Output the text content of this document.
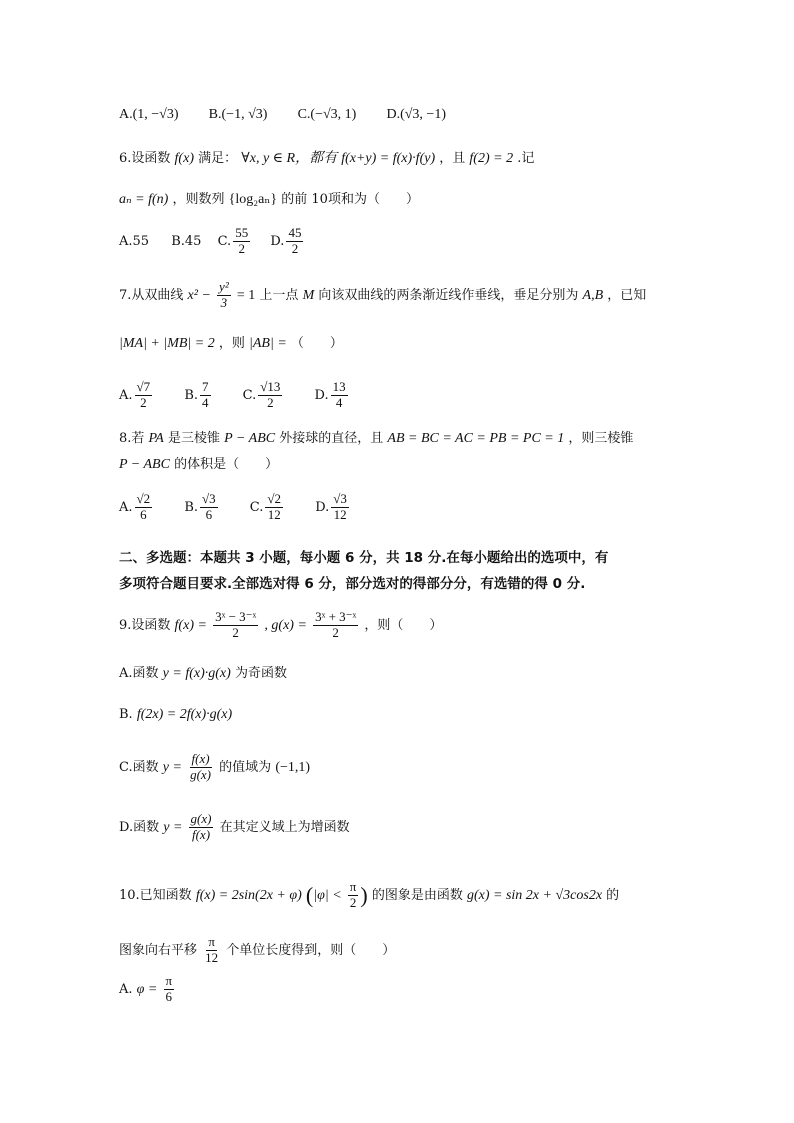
A. (1, −√3)
B. (−1, √3)
C. (−√3, 1)
D. (√3, −1)
6.设函数 f(x) 满足： ∀x, y ∈ R，都有 f(x+y) = f(x)·f(y) ，且 f(2) = 2 .记
aₙ = f(n) ，则数列 {log₂aₙ} 的前 10项和为（　　）
A.55 B.45 C. $\frac{55}{2}$
D. $\frac{45}{2}$
7.从双曲线 $x^2 - \frac{\text{y²}}{3} = 1$ 上一点 M 向该双曲线的两条渐近线作垂线，垂足分别为 A,B ，已知
|MA| + |MB| = 2 ，则 |AB| = （　　）
A. $\frac{√7}{2}$
B. $\frac{7}{4}$
C. $\frac{√13}{2}$
D. $\frac{13}{4}$
8.若 PA 是三棱锥 P − ABC 外接球的直径，且 AB = BC = AC = PB = PC = 1 ，则三棱锥
P − ABC 的体积是（　　）
A. $\frac{√2}{6}$
B. $\frac{√3}{6}$
C. $\frac{√2}{12}$
D. $\frac{√3}{12}$
二、多选题：本题共 3 小题，每小题 6 分，共 18 分.在每小题给出的选项中，有
多项符合题目要求.全部选对得 6 分，部分选对的得部分分，有选错的得 0 分.
9.设函数 $f(x) = \frac{\text{3ˣ − 3⁻ˣ}}{2}$ , $g(x) = \frac{\text{3ˣ + 3⁻ˣ}}{2}$ ，则（　　）
A.函数 y = f(x)·g(x) 为奇函数
B. f(2x) = 2f(x)·g(x)
C.函数 $y = \frac{f(x)}{g(x)}$ 的值域为 (−1,1)
D.函数 $y = \frac{g(x)}{f(x)}$ 在其定义域上为增函数
10.已知函数 f(x) = 2sin(2x + φ) ($|\varphi| < \frac{\pi}{2}$ ) 的图象是由函数 g(x) = sin 2x + √3cos2x 的
图象向右平移 $\frac{\pi}{12}$ 个单位长度得到，则（　　）
A. $\varphi = \frac{\pi}{6}$
